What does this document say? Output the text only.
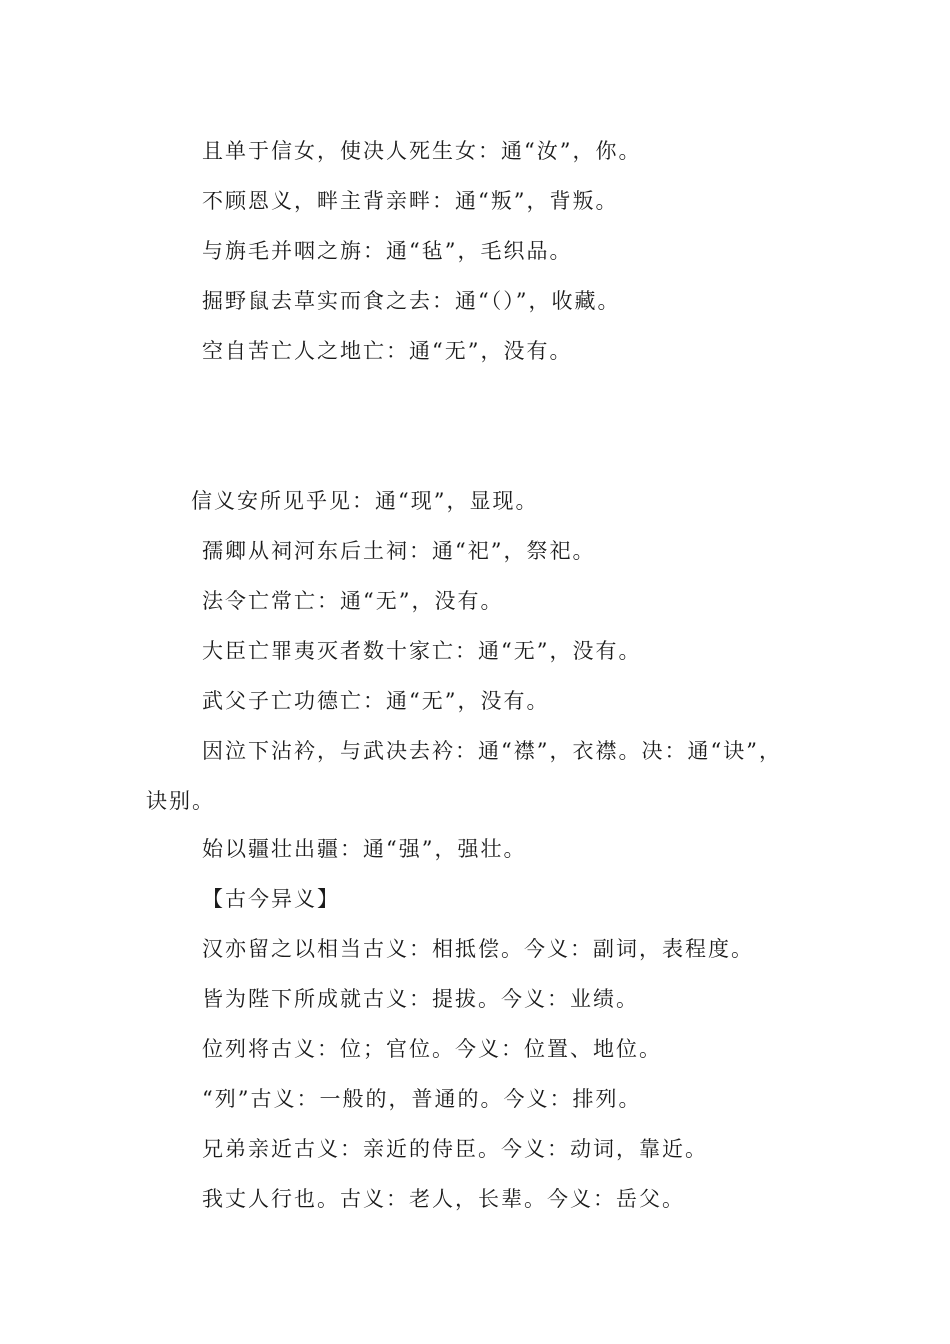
且单于信女，使决人死生女：通“汝”，你。

不顾恩义，畔主背亲畔：通“叛”，背叛。

与旃毛并咽之旃：通“毡”，毛织品。

掘野鼠去草实而食之去：通“（）”，收藏。

空自苦亡人之地亡：通“无”，没有。

信义安所见乎见：通“现”，显现。

孺卿从祠河东后土祠：通“祀”，祭祀。

法令亡常亡：通“无”，没有。

大臣亡罪夷灭者数十家亡：通“无”，没有。

武父子亡功德亡：通“无”，没有。

因泣下沾衿，与武决去衿：通“襟”，衣襟。决：通“诀”，

诀别。

始以疆壮出疆：通“强”，强壮。

【古今异义】

汉亦留之以相当古义：相抵偿。今义：副词，表程度。

皆为陛下所成就古义：提拔。今义：业绩。

位列将古义：位；官位。今义：位置、地位。

“列”古义：一般的，普通的。今义：排列。

兄弟亲近古义：亲近的侍臣。今义：动词，靠近。

我丈人行也。古义：老人，长辈。今义：岳父。
